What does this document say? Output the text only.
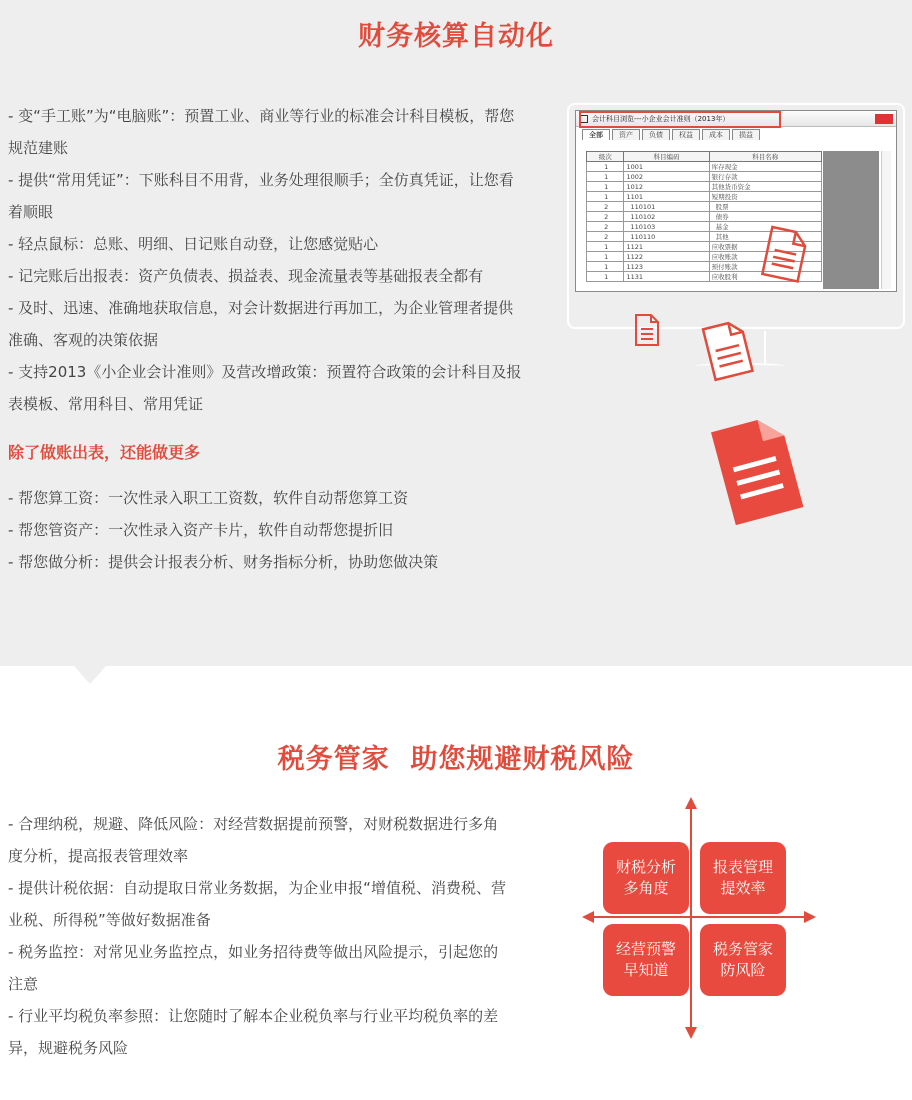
财务核算自动化
- 变“手工账”为“电脑账”：预置工业、商业等行业的标准会计科目模板，帮您规范建账
- 提供“常用凭证”：下账科目不用背，业务处理很顺手；全仿真凭证，让您看着顺眼
- 轻点鼠标：总账、明细、日记账自动登，让您感觉贴心
- 记完账后出报表：资产负债表、损益表、现金流量表等基础报表全都有
- 及时、迅速、准确地获取信息，对会计数据进行再加工，为企业管理者提供准确、客观的决策依据
- 支持2013《小企业会计准则》及营改增政策：预置符合政策的会计科目及报表模板、常用科目、常用凭证
除了做账出表，还能做更多
- 帮您算工资：一次性录入职工工资数，软件自动帮您算工资
- 帮您管资产：一次性录入资产卡片，软件自动帮您提折旧
- 帮您做分析：提供会计报表分析、财务指标分析，协助您做决策
会计科目浏览---小企业会计准则（2013年）
全部	资产	负债	权益	成本	损益
级次	科目编码	科目名称
1	1001	库存现金
1	1002	银行存款
1	1012	其他货币资金
1	1101	短期投资
2	110101	股票
2	110102	债券
2	110103	基金
2	110110	其他
1	1121	应收票据
1	1122	应收账款
1	1123	预付账款
1	1131	应收股利
税务管家  助您规避财税风险
- 合理纳税，规避、降低风险：对经营数据提前预警，对财税数据进行多角度分析，提高报表管理效率
- 提供计税依据：自动提取日常业务数据，为企业申报“增值税、消费税、营业税、所得税”等做好数据准备
- 税务监控：对常见业务监控点，如业务招待费等做出风险提示，引起您的注意
- 行业平均税负率参照：让您随时了解本企业税负率与行业平均税负率的差异，规避税务风险
财税分析
多角度
报表管理
提效率
经营预警
早知道
税务管家
防风险
